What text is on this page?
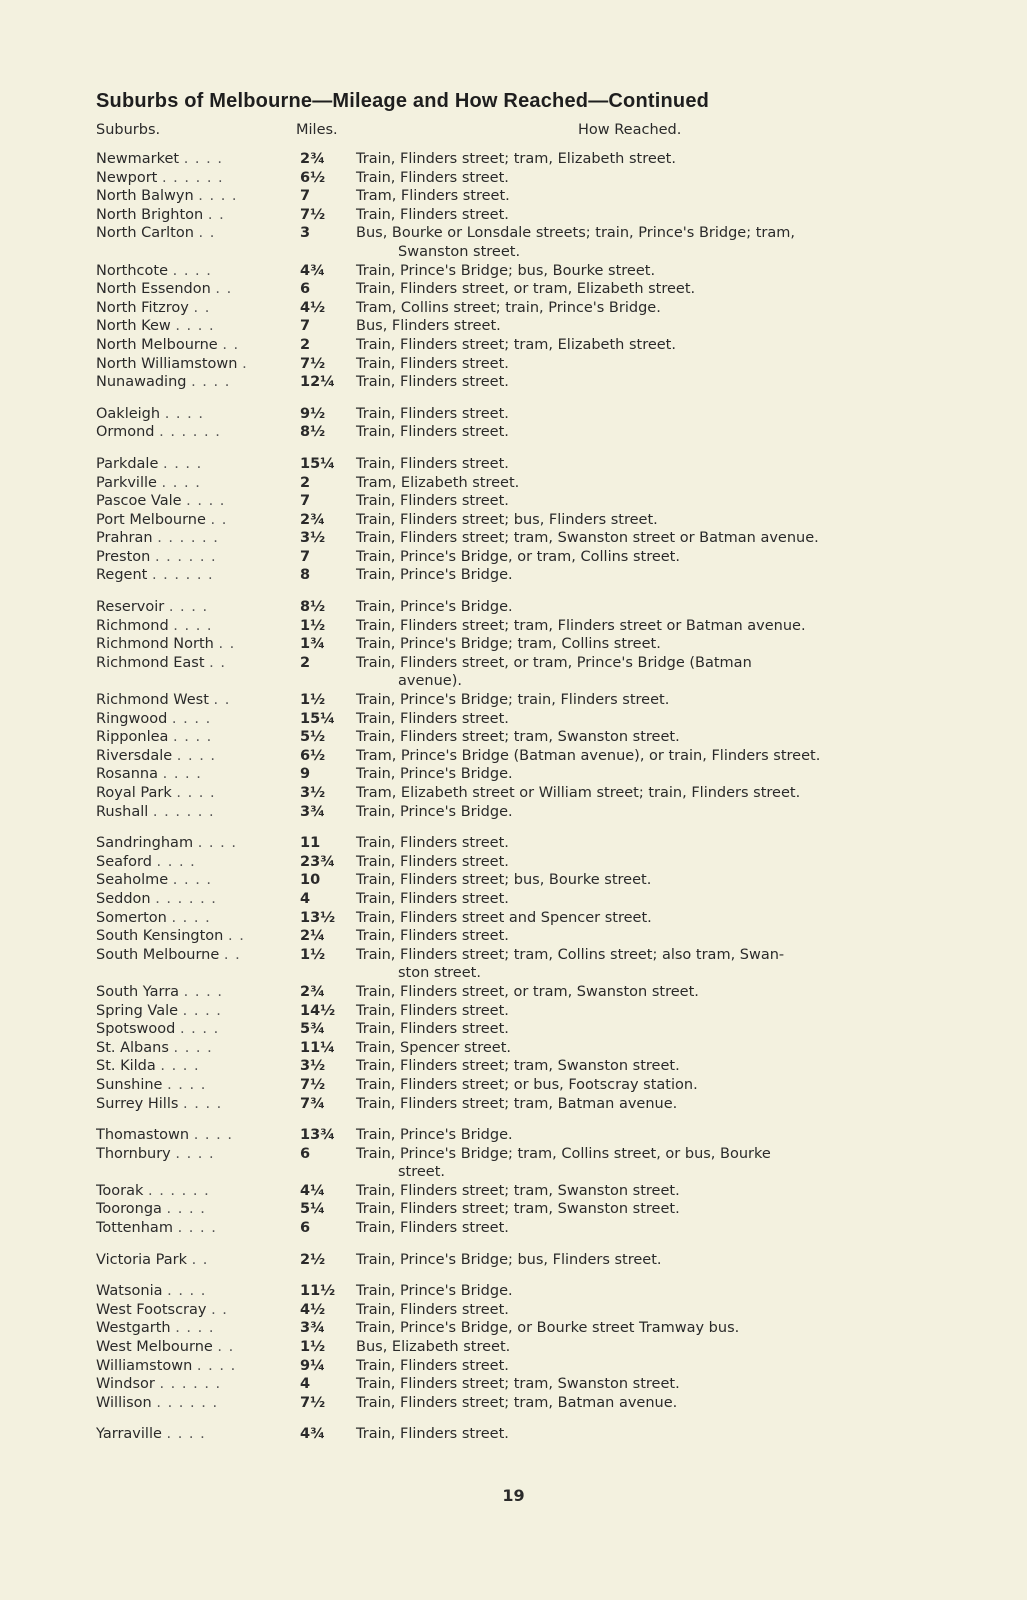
Suburbs of Melbourne—Mileage and How Reached—Continued
Suburbs.	Miles.	How Reached.
Newmarket . . . .	2¾	Train, Flinders street; tram, Elizabeth street.
Newport . . . . . .	6½	Train, Flinders street.
North Balwyn . . . .	7	Tram, Flinders street.
North Brighton . .	7½	Train, Flinders street.
North Carlton . .	3	Bus, Bourke or Lonsdale streets; train, Prince's Bridge; tram,
Swanston street.
Northcote . . . .	4¾	Train, Prince's Bridge; bus, Bourke street.
North Essendon . .	6	Train, Flinders street, or tram, Elizabeth street.
North Fitzroy . .	4½	Tram, Collins street; train, Prince's Bridge.
North Kew . . . .	7	Bus, Flinders street.
North Melbourne . .	2	Train, Flinders street; tram, Elizabeth street.
North Williamstown .	7½	Train, Flinders street.
Nunawading . . . .	12¼	Train, Flinders street.
Oakleigh . . . .	9½	Train, Flinders street.
Ormond . . . . . .	8½	Train, Flinders street.
Parkdale . . . .	15¼	Train, Flinders street.
Parkville . . . .	2	Tram, Elizabeth street.
Pascoe Vale . . . .	7	Train, Flinders street.
Port Melbourne . .	2¾	Train, Flinders street; bus, Flinders street.
Prahran . . . . . .	3½	Train, Flinders street; tram, Swanston street or Batman avenue.
Preston . . . . . .	7	Train, Prince's Bridge, or tram, Collins street.
Regent . . . . . .	8	Train, Prince's Bridge.
Reservoir . . . .	8½	Train, Prince's Bridge.
Richmond . . . .	1½	Train, Flinders street; tram, Flinders street or Batman avenue.
Richmond North . .	1¾	Train, Prince's Bridge; tram, Collins street.
Richmond East . .	2	Train, Flinders street, or tram, Prince's Bridge (Batman
avenue).
Richmond West . .	1½	Train, Prince's Bridge; train, Flinders street.
Ringwood . . . .	15¼	Train, Flinders street.
Ripponlea . . . .	5½	Train, Flinders street; tram, Swanston street.
Riversdale . . . .	6½	Tram, Prince's Bridge (Batman avenue), or train, Flinders street.
Rosanna . . . .	9	Train, Prince's Bridge.
Royal Park . . . .	3½	Tram, Elizabeth street or William street; train, Flinders street.
Rushall . . . . . .	3¾	Train, Prince's Bridge.
Sandringham . . . .	11	Train, Flinders street.
Seaford . . . .	23¾	Train, Flinders street.
Seaholme . . . .	10	Train, Flinders street; bus, Bourke street.
Seddon . . . . . .	4	Train, Flinders street.
Somerton . . . .	13½	Train, Flinders street and Spencer street.
South Kensington . .	2¼	Train, Flinders street.
South Melbourne . .	1½	Train, Flinders street; tram, Collins street; also tram, Swan-
ston street.
South Yarra . . . .	2¾	Train, Flinders street, or tram, Swanston street.
Spring Vale . . . .	14½	Train, Flinders street.
Spotswood . . . .	5¾	Train, Flinders street.
St. Albans . . . .	11¼	Train, Spencer street.
St. Kilda . . . .	3½	Train, Flinders street; tram, Swanston street.
Sunshine . . . .	7½	Train, Flinders street; or bus, Footscray station.
Surrey Hills . . . .	7¾	Train, Flinders street; tram, Batman avenue.
Thomastown . . . .	13¾	Train, Prince's Bridge.
Thornbury . . . .	6	Train, Prince's Bridge; tram, Collins street, or bus, Bourke
street.
Toorak . . . . . .	4¼	Train, Flinders street; tram, Swanston street.
Tooronga . . . .	5¼	Train, Flinders street; tram, Swanston street.
Tottenham . . . .	6	Train, Flinders street.
Victoria Park . .	2½	Train, Prince's Bridge; bus, Flinders street.
Watsonia . . . .	11½	Train, Prince's Bridge.
West Footscray . .	4½	Train, Flinders street.
Westgarth . . . .	3¾	Train, Prince's Bridge, or Bourke street Tramway bus.
West Melbourne . .	1½	Bus, Elizabeth street.
Williamstown . . . .	9¼	Train, Flinders street.
Windsor . . . . . .	4	Train, Flinders street; tram, Swanston street.
Willison . . . . . .	7½	Train, Flinders street; tram, Batman avenue.
Yarraville . . . .	4¾	Train, Flinders street.
19
